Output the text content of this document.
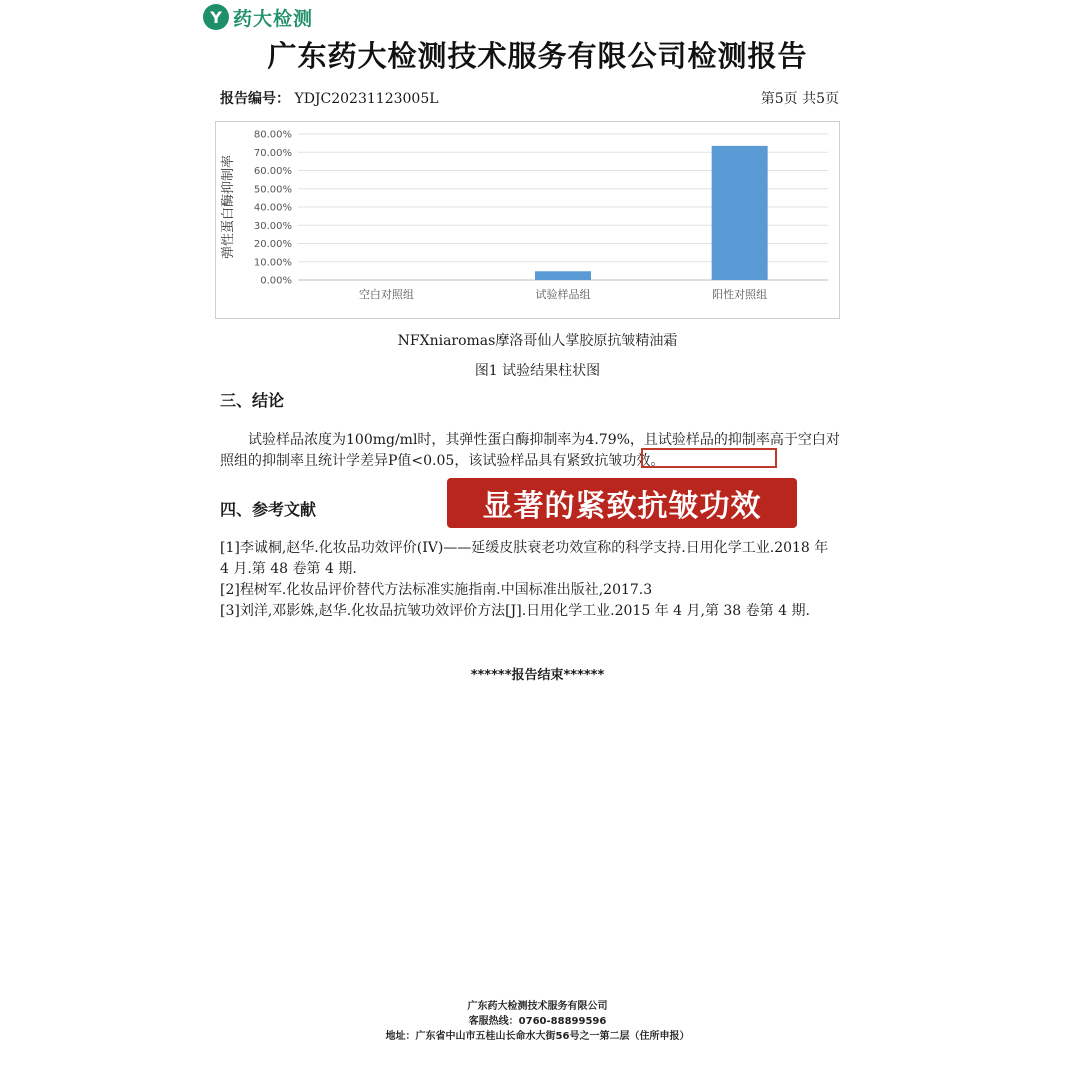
Y 药大检测
广东药大检测技术服务有限公司检测报告
报告编号： YDJC20231123005L	第5页 共5页
0.00%
10.00%
20.00%
30.00%
40.00%
50.00%
60.00%
70.00%
80.00%
弹性蛋白酶抑制率
空白对照组	试验样品组	阳性对照组
NFXniaromas摩洛哥仙人掌胶原抗皱精油霜
图1 试验结果柱状图
三、结论
试验样品浓度为100mg/ml时，其弹性蛋白酶抑制率为4.79%，且试验样品的抑制率高于空白对照组的抑制率且统计学差异P值<0.05，该试验样品具有紧致抗皱功效。
四、参考文献	显著的紧致抗皱功效
[1]李诚桐,赵华.化妆品功效评价(IV)——延缓皮肤衰老功效宣称的科学支持.日用化学工业.2018 年 4 月.第 48 卷第 4 期.
[2]程树军.化妆品评价替代方法标准实施指南.中国标准出版社,2017.3
[3]刘洋,邓影姝,赵华.化妆品抗皱功效评价方法[J].日用化学工业.2015 年 4 月,第 38 卷第 4 期.
******报告结束******
广东药大检测技术服务有限公司
客服热线：0760-88899596
地址：广东省中山市五桂山长命水大街56号之一第二层（住所申报）
